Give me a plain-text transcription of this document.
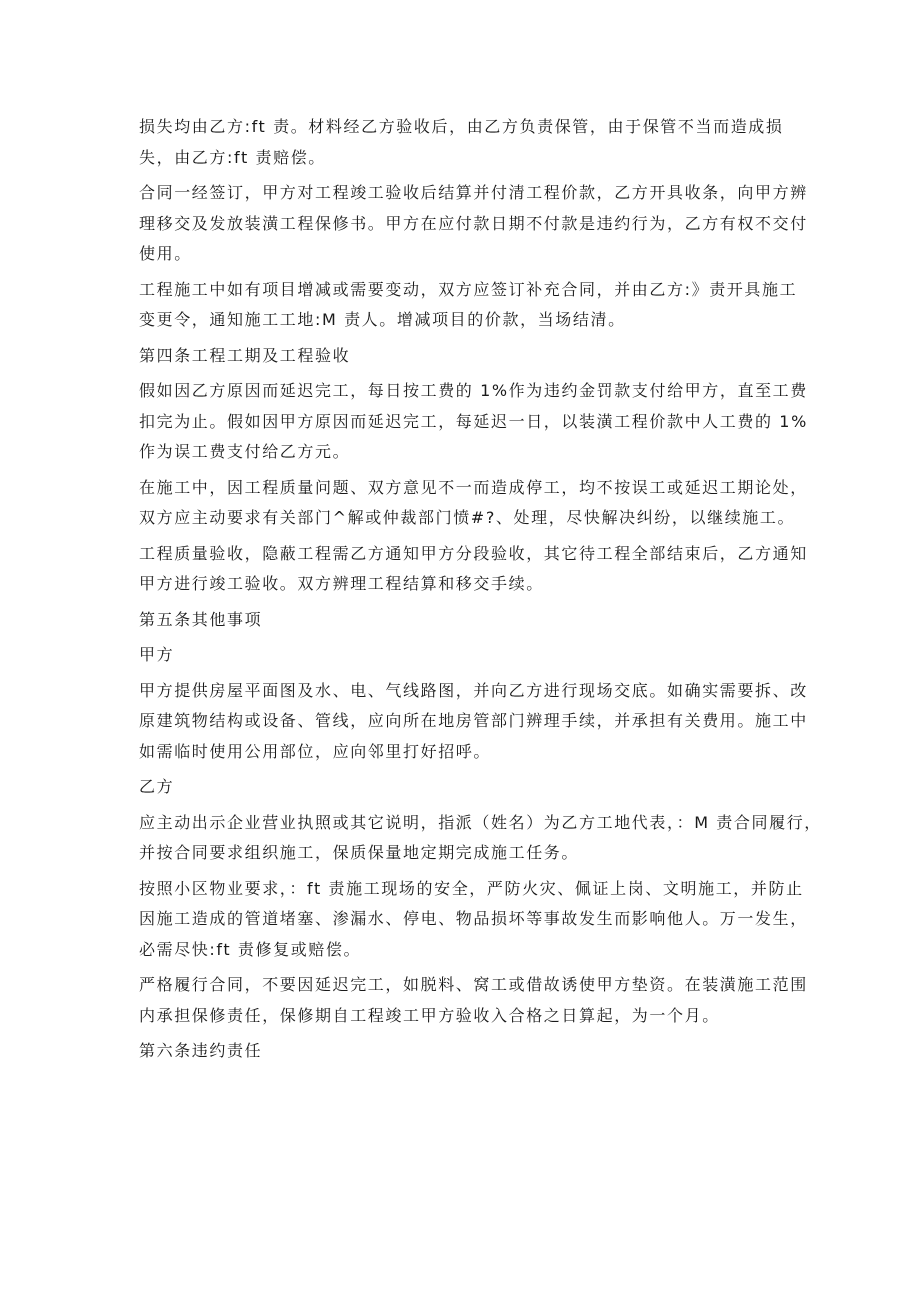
损失均由乙方:ft 责。材料经乙方验收后，由乙方负责保管，由于保管不当而造成损
失，由乙方:ft 责赔偿。
合同一经签订，甲方对工程竣工验收后结算并付清工程价款，乙方开具收条，向甲方辨
理移交及发放装潢工程保修书。甲方在应付款日期不付款是违约行为，乙方有权不交付
使用。
工程施工中如有项目增减或需要变动，双方应签订补充合同，并由乙方:》责开具施工
变更令，通知施工工地:M 责人。增减项目的价款，当场结清。
第四条工程工期及工程验收
假如因乙方原因而延迟完工，每日按工费的 1%作为违约金罚款支付给甲方，直至工费
扣完为止。假如因甲方原因而延迟完工，每延迟一日，以装潢工程价款中人工费的 1%
作为误工费支付给乙方元。
在施工中，因工程质量问题、双方意见不一而造成停工，均不按误工或延迟工期论处，
双方应主动要求有关部门^解或仲裁部门愤#?、处理，尽快解决纠纷，以继续施工。
工程质量验收，隐蔽工程需乙方通知甲方分段验收，其它待工程全部结束后，乙方通知
甲方进行竣工验收。双方辨理工程结算和移交手续。
第五条其他事项
甲方
甲方提供房屋平面图及水、电、气线路图，并向乙方进行现场交底。如确实需要拆、改
原建筑物结构或设备、管线，应向所在地房管部门辨理手续，并承担有关费用。施工中
如需临时使用公用部位，应向邻里打好招呼。
乙方
应主动出示企业营业执照或其它说明，指派（姓名）为乙方工地代表，：M 责合同履行，
并按合同要求组织施工，保质保量地定期完成施工任务。
按照小区物业要求，：ft 责施工现场的安全，严防火灾、佩证上岗、文明施工，并防止
因施工造成的管道堵塞、渗漏水、停电、物品损坏等事故发生而影响他人。万一发生，
必需尽快:ft 责修复或赔偿。
严格履行合同，不要因延迟完工，如脱料、窝工或借故诱使甲方垫资。在装潢施工范围
内承担保修责任，保修期自工程竣工甲方验收入合格之日算起，为一个月。
第六条违约责任
